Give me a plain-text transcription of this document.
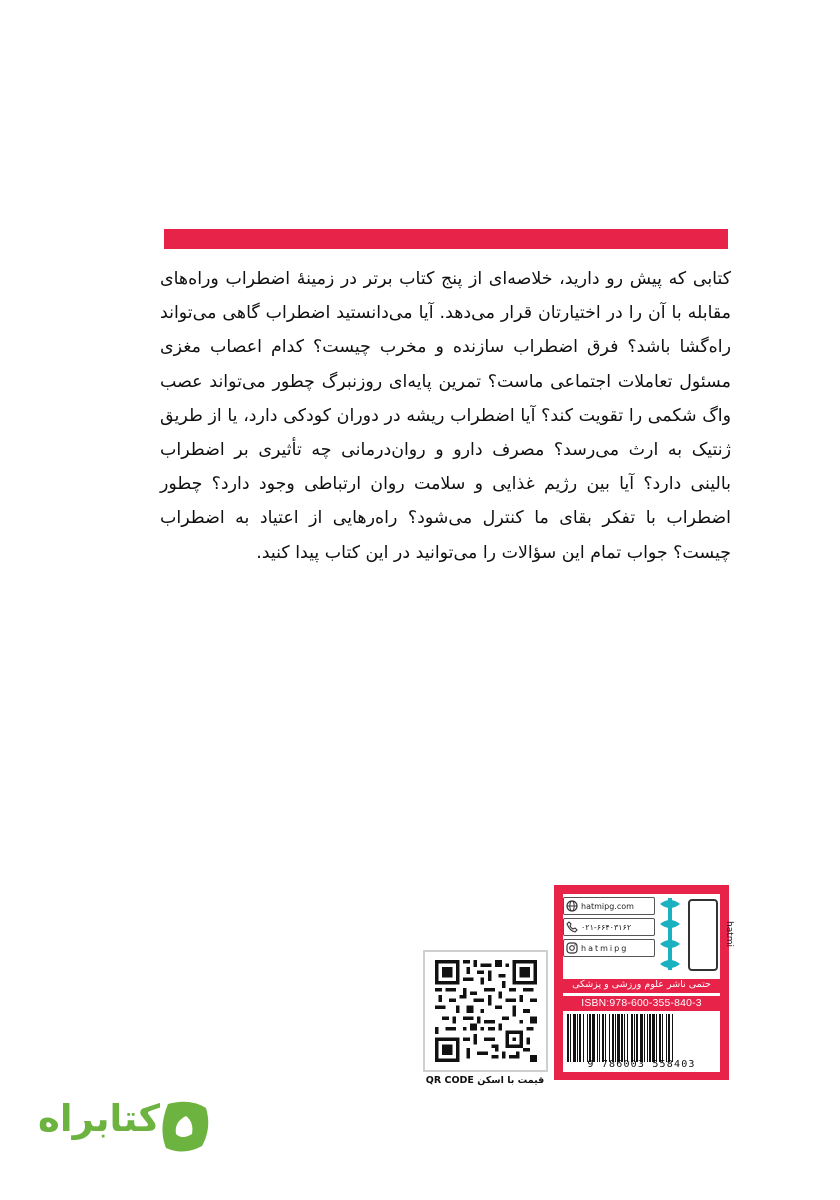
کتابی که پیش رو دارید، خلاصه‌ای از پنج کتاب برتر در زمینهٔ اضطراب وراه‌های مقابله با آن را در اختیارتان قرار می‌دهد. آیا می‌دانستید اضطراب گاهی می‌تواند راه‌گشا باشد؟ فرق اضطراب سازنده و مخرب چیست؟ کدام اعصاب مغزی مسئول تعاملات اجتماعی ماست؟ تمرین پایه‌ای روزنبرگ چطور می‌تواند عصب واگ شکمی را تقویت کند؟ آیا اضطراب ریشه در دوران کودکی دارد، یا از طریق ژنتیک به ارث می‌رسد؟ مصرف دارو و روان‌درمانی چه تأثیری بر اضطراب بالینی دارد؟ آیا بین رژیم غذایی و سلامت روان ارتباطی وجود دارد؟ چطور اضطراب با تفکر بقای ما کنترل می‌شود؟ راه‌رهایی از اعتیاد به اضطراب چیست؟ جواب تمام این سؤالات را می‌توانید در این کتاب پیدا کنید.

قیمت با اسکن QR CODE
hatmi
hatmipg.com
۰۲۱-۶۶۴۰۳۱۶۲
hatmipg
حتمی ناشر علوم ورزشی و پزشکی
ISBN:978-600-355-840-3
9 786003 558403
کتابراه
